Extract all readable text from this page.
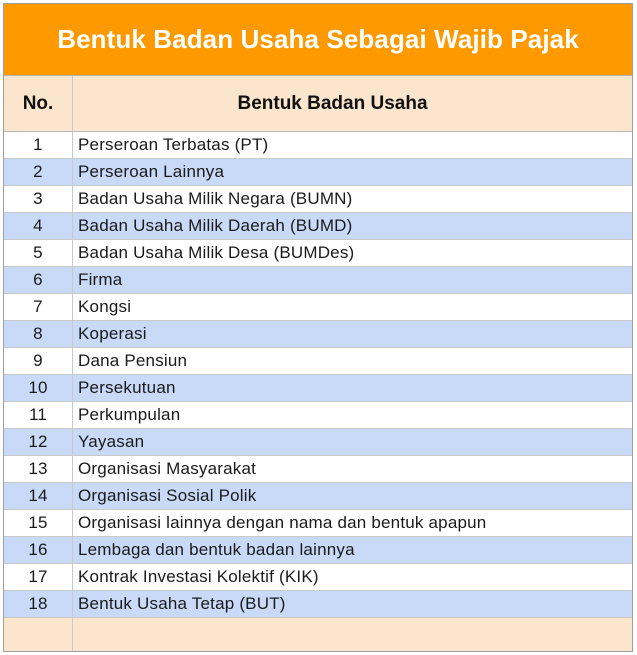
Bentuk Badan Usaha Sebagai Wajib Pajak
No.	Bentuk Badan Usaha
1	Perseroan Terbatas (PT)
2	Perseroan Lainnya
3	Badan Usaha Milik Negara (BUMN)
4	Badan Usaha Milik Daerah (BUMD)
5	Badan Usaha Milik Desa (BUMDes)
6	Firma
7	Kongsi
8	Koperasi
9	Dana Pensiun
10	Persekutuan
11	Perkumpulan
12	Yayasan
13	Organisasi Masyarakat
14	Organisasi Sosial Polik
15	Organisasi lainnya dengan nama dan bentuk apapun
16	Lembaga dan bentuk badan lainnya
17	Kontrak Investasi Kolektif (KIK)
18	Bentuk Usaha Tetap (BUT)
